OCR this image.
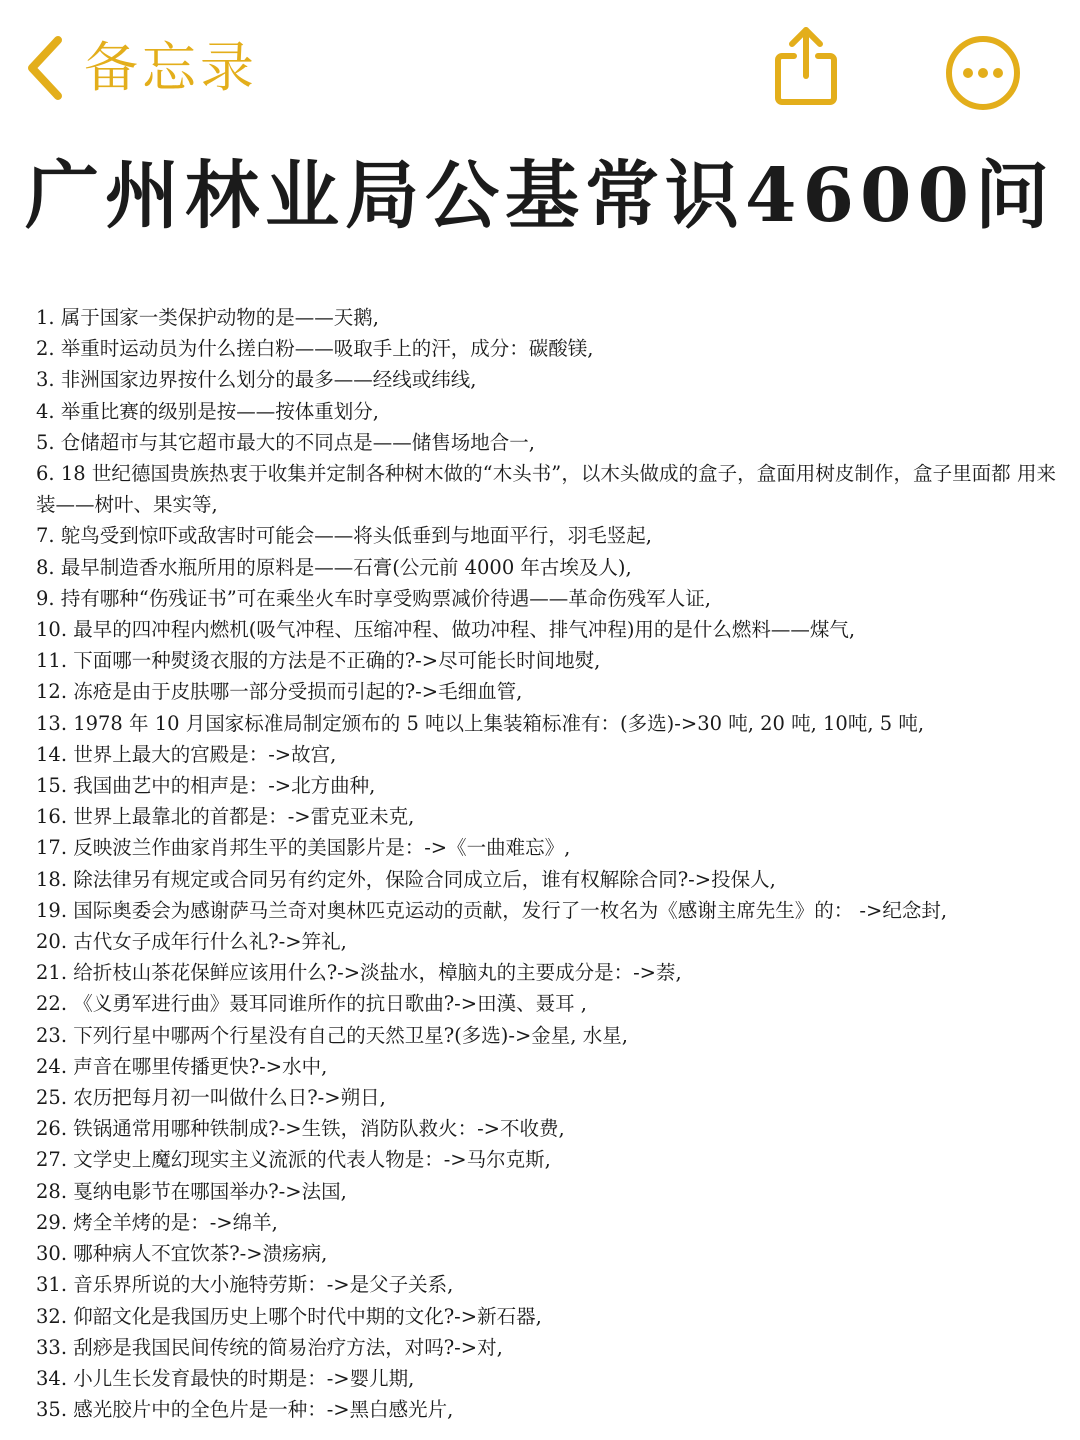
备忘录
广州林业局公基常识4600问
1. 属于国家一类保护动物的是——天鹅,
2. 举重时运动员为什么搓白粉——吸取手上的汗，成分：碳酸镁,
3. 非洲国家边界按什么划分的最多——经线或纬线,
4. 举重比赛的级别是按——按体重划分,
5. 仓储超市与其它超市最大的不同点是——储售场地合一,
6. 18 世纪德国贵族热衷于收集并定制各种树木做的“木头书”，以木头做成的盒子，盒面用树皮制作，盒子里面都 用来装——树叶、果实等,
7. 鸵鸟受到惊吓或敌害时可能会——将头低垂到与地面平行，羽毛竖起,
8. 最早制造香水瓶所用的原料是——石膏(公元前 4000 年古埃及人),
9. 持有哪种“伤残证书”可在乘坐火车时享受购票减价待遇——革命伤残军人证,
10. 最早的四冲程内燃机(吸气冲程、压缩冲程、做功冲程、排气冲程)用的是什么燃料——煤气,
11. 下面哪一种熨烫衣服的方法是不正确的?->尽可能长时间地熨,
12. 冻疮是由于皮肤哪一部分受损而引起的?->毛细血管,
13. 1978 年 10 月国家标准局制定颁布的 5 吨以上集装箱标准有：(多选)->30 吨, 20 吨, 10吨, 5 吨,
14. 世界上最大的宫殿是：->故宫,
15. 我国曲艺中的相声是：->北方曲种,
16. 世界上最靠北的首都是：->雷克亚未克,
17. 反映波兰作曲家肖邦生平的美国影片是：->《一曲难忘》,
18. 除法律另有规定或合同另有约定外，保险合同成立后，谁有权解除合同?->投保人,
19. 国际奥委会为感谢萨马兰奇对奥林匹克运动的贡献，发行了一枚名为《感谢主席先生》的： ->纪念封,
20. 古代女子成年行什么礼?->笄礼,
21. 给折枝山茶花保鲜应该用什么?->淡盐水，樟脑丸的主要成分是：->萘,
22. 《义勇军进行曲》聂耳同谁所作的抗日歌曲?->田漢、聂耳 ,
23. 下列行星中哪两个行星没有自己的天然卫星?(多选)->金星, 水星,
24. 声音在哪里传播更快?->水中,
25. 农历把每月初一叫做什么日?->朔日,
26. 铁锅通常用哪种铁制成?->生铁，消防队救火：->不收费,
27. 文学史上魔幻现实主义流派的代表人物是：->马尔克斯,
28. 戛纳电影节在哪国举办?->法国,
29. 烤全羊烤的是：->绵羊,
30. 哪种病人不宜饮茶?->溃疡病,
31. 音乐界所说的大小施特劳斯：->是父子关系,
32. 仰韶文化是我国历史上哪个时代中期的文化?->新石器,
33. 刮痧是我国民间传统的简易治疗方法，对吗?->对,
34. 小儿生长发育最快的时期是：->婴儿期,
35. 感光胶片中的全色片是一种：->黑白感光片,
